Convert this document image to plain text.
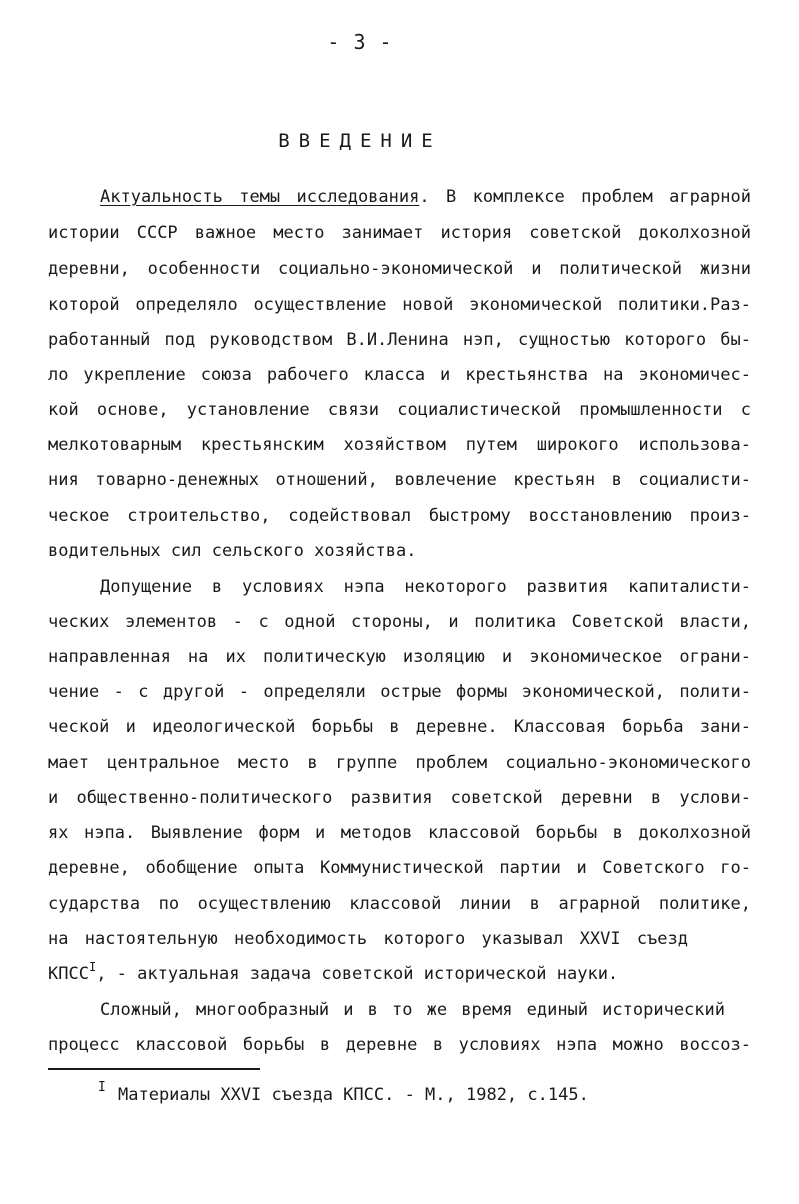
- 3 -
ВВЕДЕНИЕ
Актуальность темы исследования. В комплексе проблем аграрной
истории СССР важное место занимает история советской доколхозной
деревни, особенности социально-экономической и политической жизни
которой определяло осуществление новой экономической политики.Раз-
работанный под руководством В.И.Ленина нэп, сущностью которого бы-
ло укрепление союза рабочего класса и крестьянства на экономичес-
кой основе, установление связи социалистической промышленности с
мелкотоварным крестьянским хозяйством путем широкого использова-
ния товарно-денежных отношений, вовлечение крестьян в социалисти-
ческое строительство, содействовал быстрому восстановлению произ-
водительных сил сельского хозяйства.
Допущение в условиях нэпа некоторого развития капиталисти-
ческих элементов - с одной стороны, и политика Советской власти,
направленная на их политическую изоляцию и экономическое ограни-
чение - с другой - определяли острые формы экономической, полити-
ческой и идеологической борьбы в деревне. Классовая борьба зани-
мает центральное место в группе проблем социально-экономического
и общественно-политического развития советской деревни в услови-
ях нэпа. Выявление форм и методов классовой борьбы в доколхозной
деревне, обобщение опыта Коммунистической партии и Советского го-
сударства по осуществлению классовой линии в аграрной политике,
на настоятельную необходимость которого указывал XXVI съезд
$КПСС^I$, - актуальная задача советской исторической науки.
Сложный, многообразный и в то же время единый исторический
процесс классовой борьбы в деревне в условиях нэпа можно воссоз-
I Материалы XXVI съезда КПСС. - М., 1982, с.145.
